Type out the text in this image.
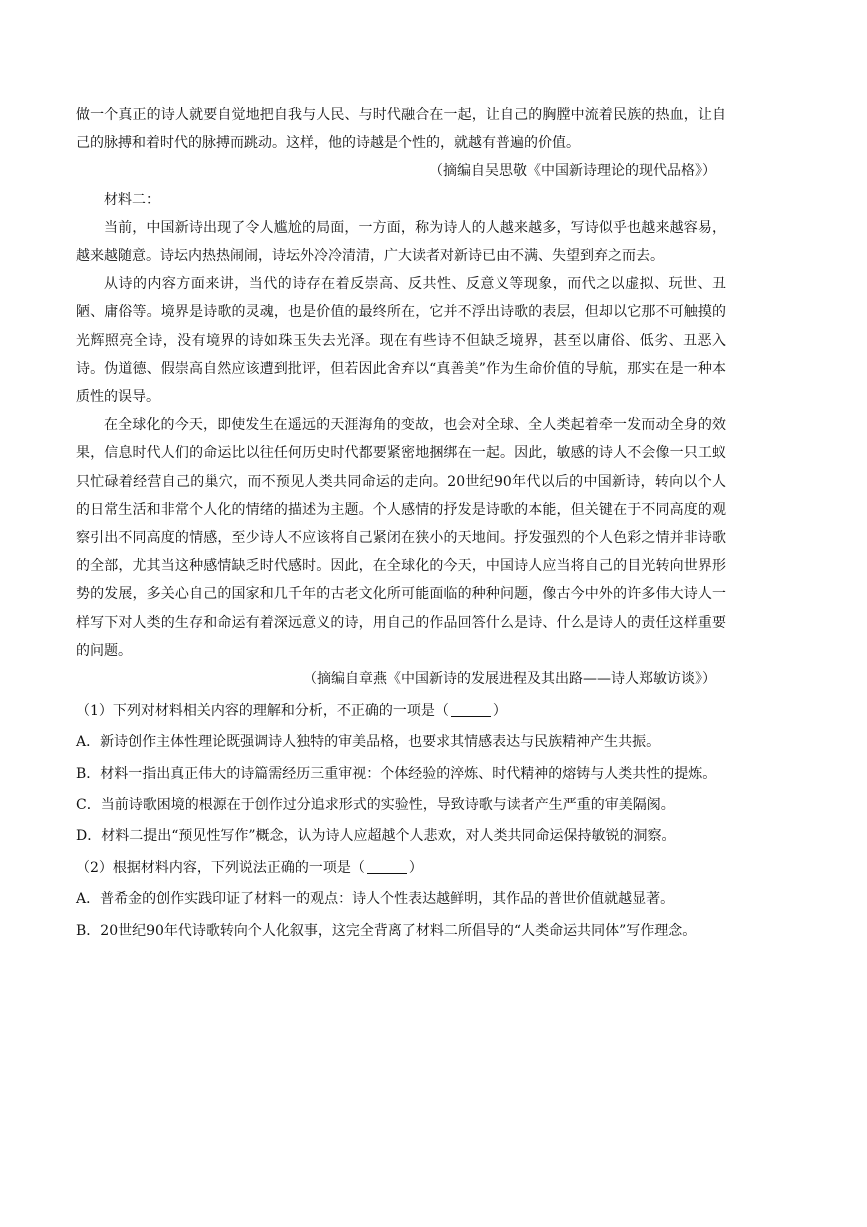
做一个真正的诗人就要自觉地把自我与人民、与时代融合在一起，让自己的胸膛中流着民族的热血，让自己的脉搏和着时代的脉搏而跳动。这样，他的诗越是个性的，就越有普遍的价值。

（摘编自吴思敬《中国新诗理论的现代品格》）

材料二：

当前，中国新诗出现了令人尴尬的局面，一方面，称为诗人的人越来越多，写诗似乎也越来越容易，越来越随意。诗坛内热热闹闹，诗坛外冷冷清清，广大读者对新诗已由不满、失望到弃之而去。

从诗的内容方面来讲，当代的诗存在着反崇高、反共性、反意义等现象，而代之以虚拟、玩世、丑陋、庸俗等。境界是诗歌的灵魂，也是价值的最终所在，它并不浮出诗歌的表层，但却以它那不可触摸的光辉照亮全诗，没有境界的诗如珠玉失去光泽。现在有些诗不但缺乏境界，甚至以庸俗、低劣、丑恶入诗。伪道德、假崇高自然应该遭到批评，但若因此舍弃以“真善美”作为生命价值的导航，那实在是一种本质性的误导。

在全球化的今天，即使发生在遥远的天涯海角的变故，也会对全球、全人类起着牵一发而动全身的效果，信息时代人们的命运比以往任何历史时代都要紧密地捆绑在一起。因此，敏感的诗人不会像一只工蚁只忙碌着经营自己的巢穴，而不预见人类共同命运的走向。20世纪90年代以后的中国新诗，转向以个人的日常生活和非常个人化的情绪的描述为主题。个人感情的抒发是诗歌的本能，但关键在于不同高度的观察引出不同高度的情感，至少诗人不应该将自己紧闭在狭小的天地间。抒发强烈的个人色彩之情并非诗歌的全部，尤其当这种感情缺乏时代感时。因此，在全球化的今天，中国诗人应当将自己的目光转向世界形势的发展，多关心自己的国家和几千年的古老文化所可能面临的种种问题，像古今中外的许多伟大诗人一样写下对人类的生存和命运有着深远意义的诗，用自己的作品回答什么是诗、什么是诗人的责任这样重要的问题。

（摘编自章燕《中国新诗的发展进程及其出路——诗人郑敏访谈》）

（1）下列对材料相关内容的理解和分析，不正确的一项是（	）

A．新诗创作主体性理论既强调诗人独特的审美品格，也要求其情感表达与民族精神产生共振。

B．材料一指出真正伟大的诗篇需经历三重审视：个体经验的淬炼、时代精神的熔铸与人类共性的提炼。

C．当前诗歌困境的根源在于创作过分追求形式的实验性，导致诗歌与读者产生严重的审美隔阂。

D．材料二提出“预见性写作”概念，认为诗人应超越个人悲欢，对人类共同命运保持敏锐的洞察。

（2）根据材料内容，下列说法正确的一项是（	）

A．普希金的创作实践印证了材料一的观点：诗人个性表达越鲜明，其作品的普世价值就越显著。

B．20世纪90年代诗歌转向个人化叙事，这完全背离了材料二所倡导的“人类命运共同体”写作理念。
